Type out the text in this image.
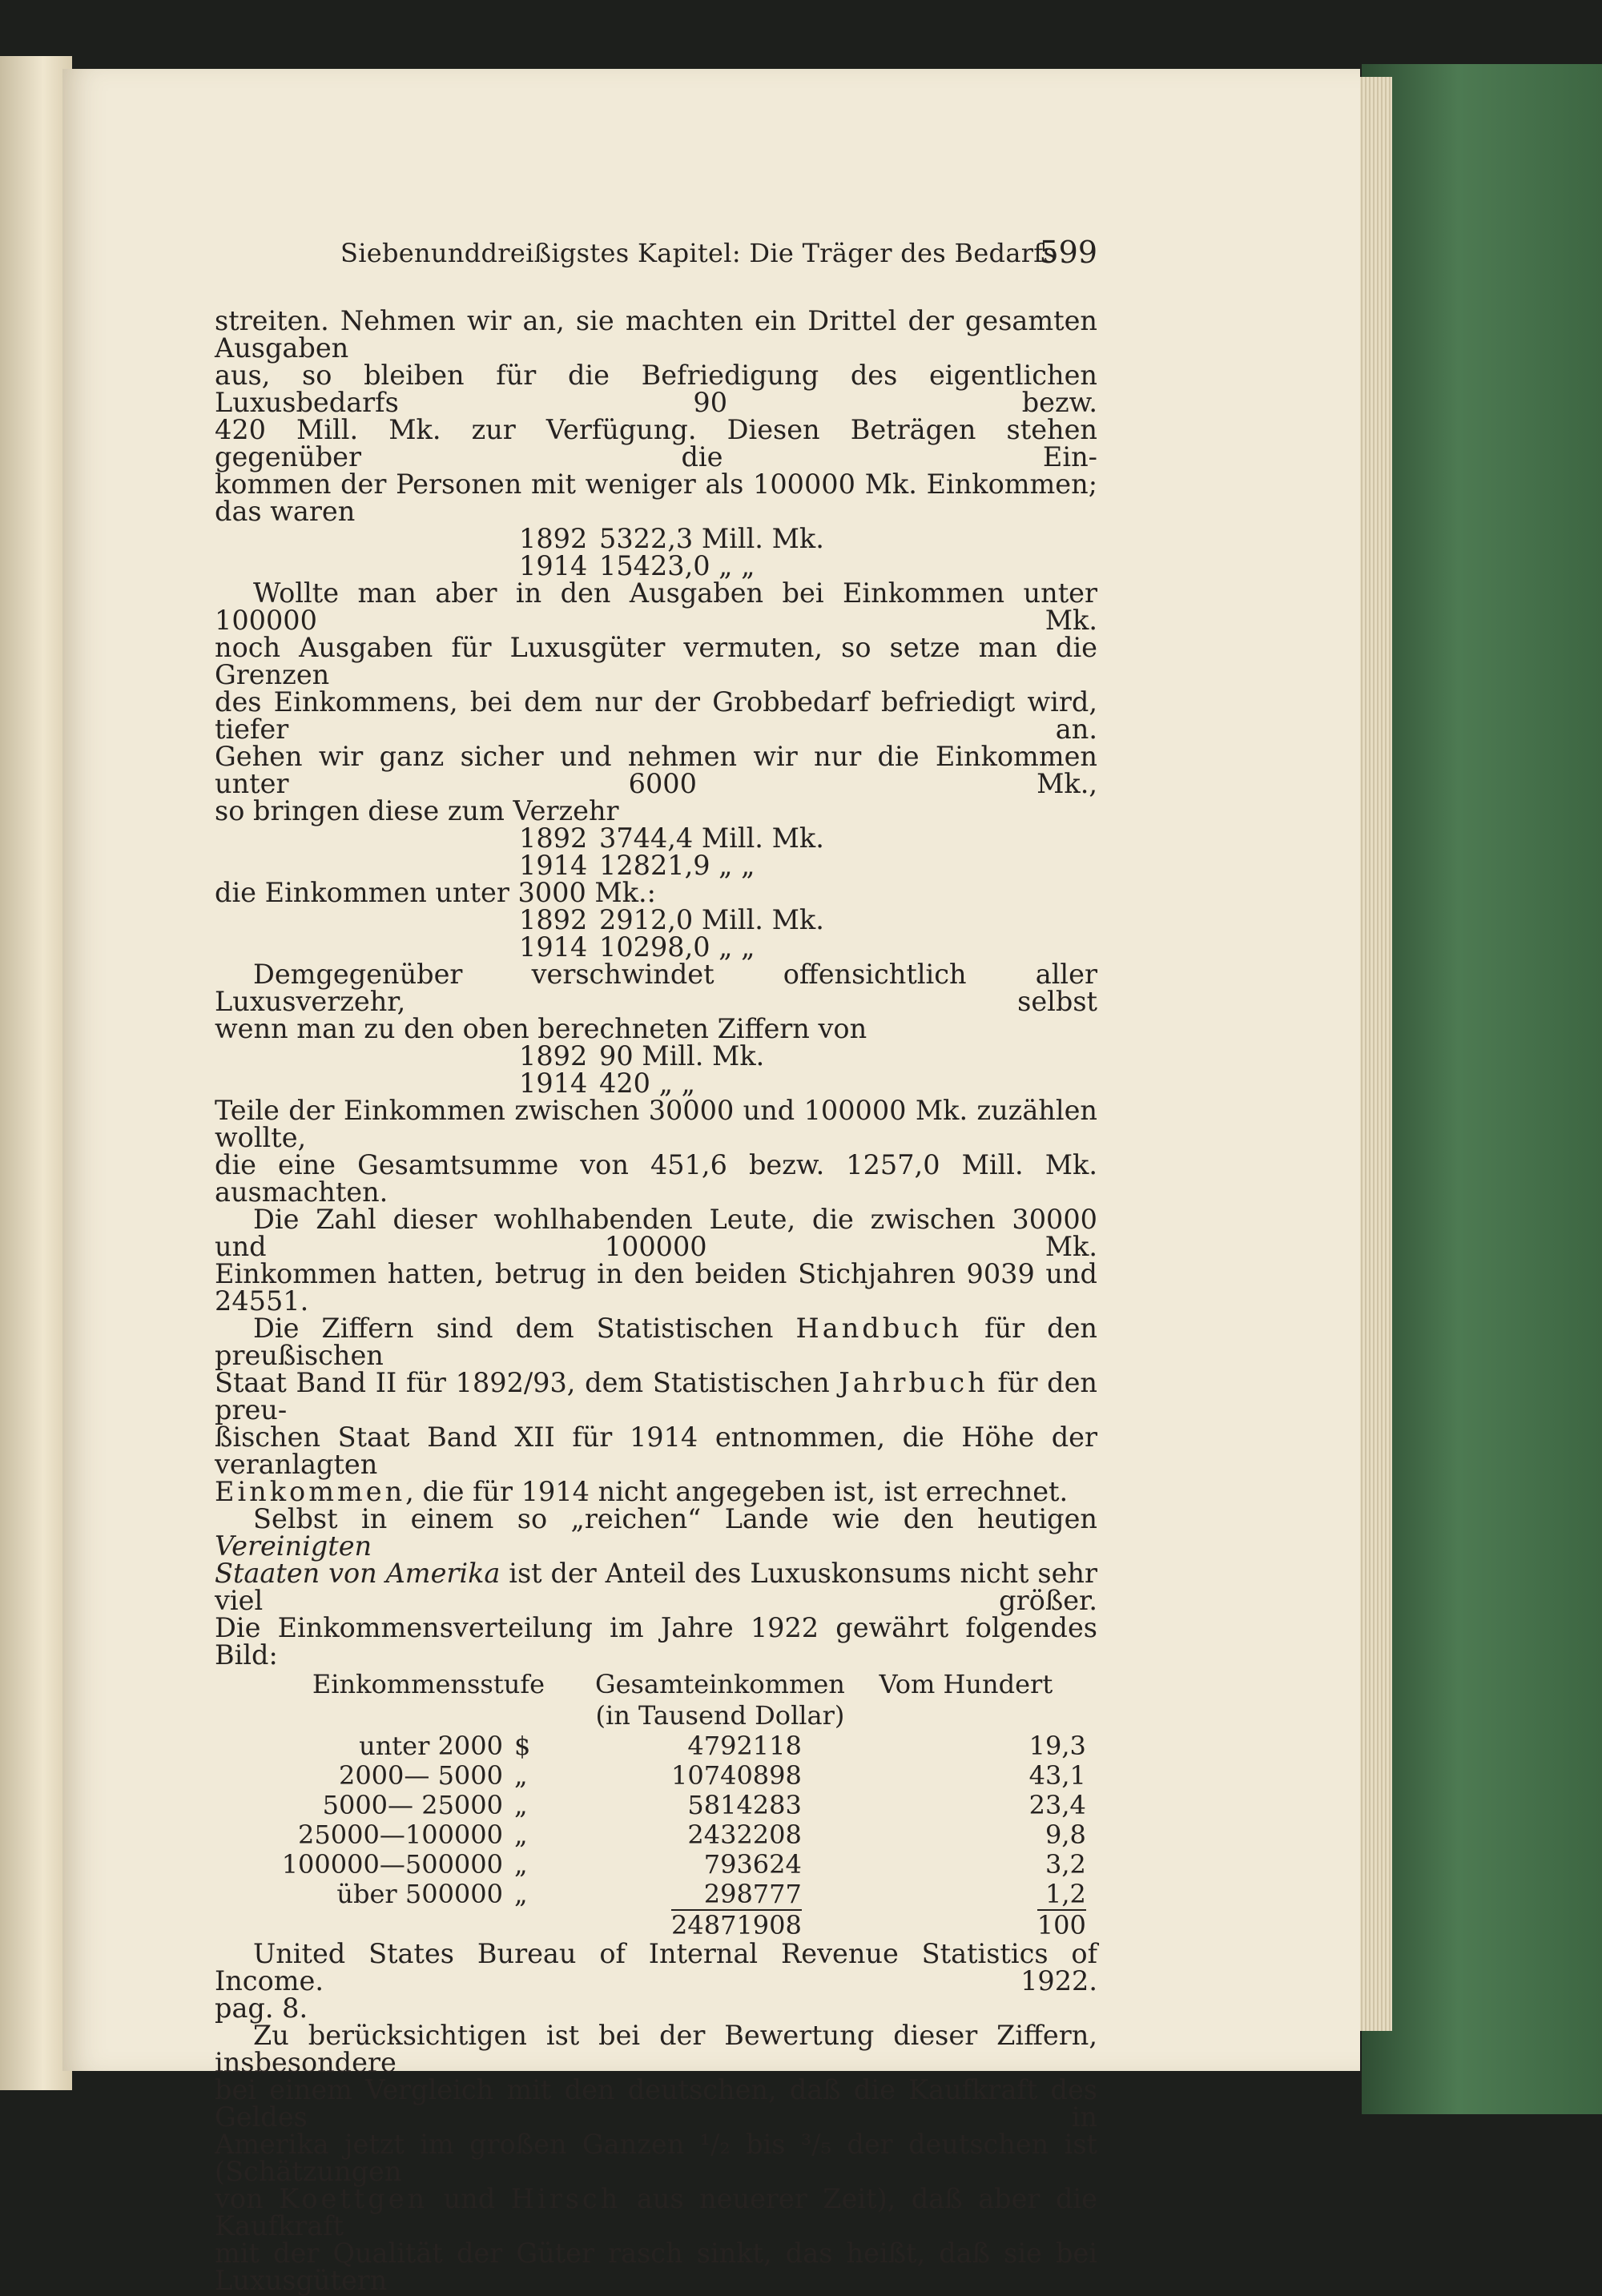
Siebenunddreißigstes Kapitel: Die Träger des Bedarfs
599

streiten. Nehmen wir an, sie machten ein Drittel der gesamten Ausgaben

aus, so bleiben für die Befriedigung des eigentlichen Luxusbedarfs 90 bezw.

420 Mill. Mk. zur Verfügung. Diesen Beträgen stehen gegenüber die Ein-

kommen der Personen mit weniger als 100000 Mk. Einkommen; das waren

1892 5322,3 Mill. Mk.
1914 15423,0 „ „

Wollte man aber in den Ausgaben bei Einkommen unter 100000 Mk.

noch Ausgaben für Luxusgüter vermuten, so setze man die Grenzen

des Einkommens, bei dem nur der Grobbedarf befriedigt wird, tiefer an.

Gehen wir ganz sicher und nehmen wir nur die Einkommen unter 6000 Mk.,

so bringen diese zum Verzehr

1892 3744,4 Mill. Mk.
1914 12821,9 „ „

die Einkommen unter 3000 Mk.:

1892 2912,0 Mill. Mk.
1914 10298,0 „ „

Demgegenüber verschwindet offensichtlich aller Luxusverzehr, selbst

wenn man zu den oben berechneten Ziffern von

1892 90 Mill. Mk.
1914 420 „ „

Teile der Einkommen zwischen 30000 und 100000 Mk. zuzählen wollte,

die eine Gesamtsumme von 451,6 bezw. 1257,0 Mill. Mk. ausmachten.

Die Zahl dieser wohlhabenden Leute, die zwischen 30000 und 100000 Mk.

Einkommen hatten, betrug in den beiden Stichjahren 9039 und 24551.

Die Ziffern sind dem Statistischen Handbuch für den preußischen

Staat Band II für 1892/93, dem Statistischen Jahrbuch für den preu-

ßischen Staat Band XII für 1914 entnommen, die Höhe der veranlagten

Einkommen, die für 1914 nicht angegeben ist, ist errechnet.

Selbst in einem so „reichen“ Lande wie den heutigen Vereinigten

Staaten von Amerika ist der Anteil des Luxuskonsums nicht sehr viel größer.

Die Einkommensverteilung im Jahre 1922 gewährt folgendes Bild:

Einkommensstufe		Gesamteinkommen	Vom Hundert
		(in Tausend Dollar)	
unter 2000	$	4792118	19,3
2000— 5000	„	10740898	43,1
5000— 25000	„	5814283	23,4
25000—100000	„	2432208	9,8
100000—500000	„	793624	3,2
über 500000	„	298777	1,2
		24871908	100

United States Bureau of Internal Revenue Statistics of Income. 1922.

pag. 8.

Zu berücksichtigen ist bei der Bewertung dieser Ziffern, insbesondere

bei einem Vergleich mit den deutschen, daß die Kaufkraft des Geldes in

Amerika jetzt im großen Ganzen ¹/₂ bis ³/₅ der deutschen ist (Schätzungen

von Koettgen und Hirsch aus neuerer Zeit), daß aber die Kaufkraft

mit der Qualität der Güter rasch sinkt, das heißt, daß sie bei Luxusgütern
